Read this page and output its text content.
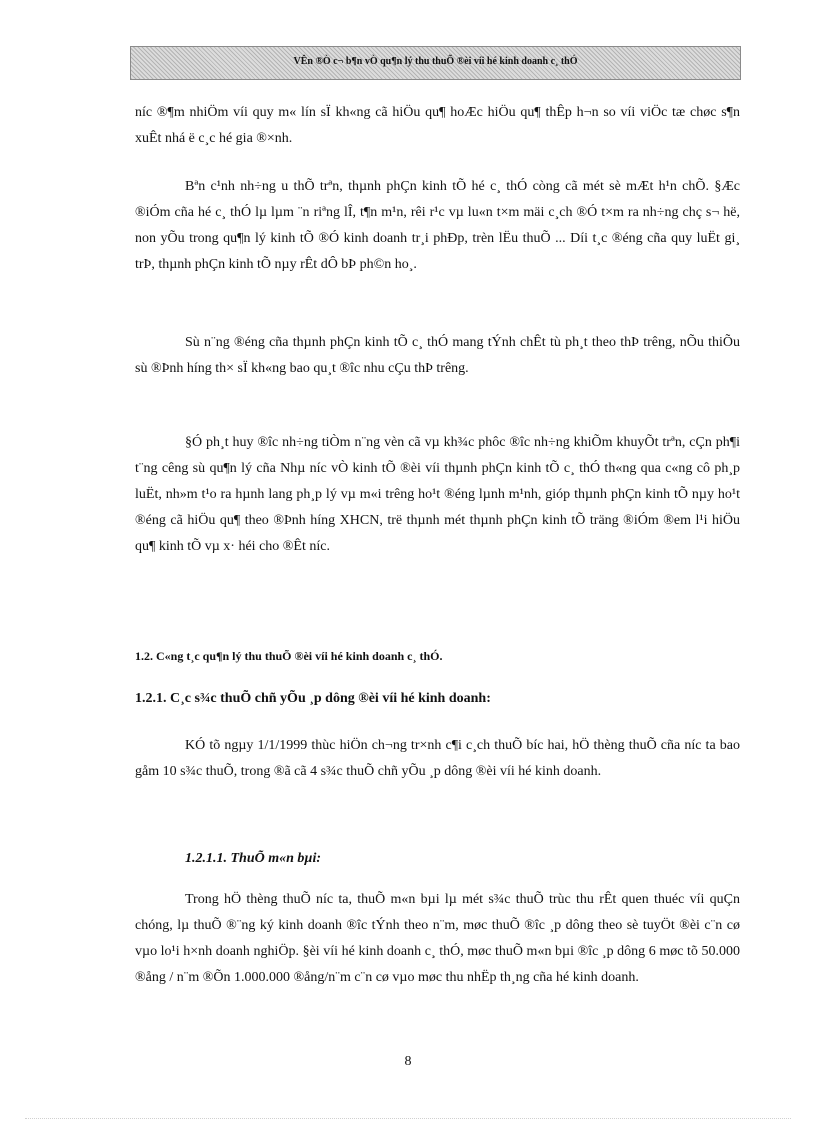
VÊn ®Ò c¬ b¶n vÒ qu¶n lý thu thuÕ ®èi víi hé kinh doanh c¸ thÓ

níc ®¶m nhiÖm víi quy m« lín sÏ kh«ng cã hiÖu qu¶ hoÆc hiÖu qu¶ thÊp h¬n so víi viÖc tæ chøc s¶n xuÊt nhá ë c¸c hé gia ®×nh.

Bªn c¹nh nh÷ng u thÕ trªn, thµnh phÇn kinh tÕ hé c¸ thÓ còng cã mét sè mÆt h¹n chÕ. §Æc ®iÓm cña hé c¸ thÓ lµ lµm ¨n riªng lÎ, t¶n m¹n, rêi r¹c vµ lu«n t×m mäi c¸ch ®Ó t×m ra nh÷ng chç s¬ hë, non yÕu trong qu¶n lý kinh tÕ ®Ó kinh doanh tr¸i phÐp, trèn lËu thuÕ ... Díi t¸c ®éng cña quy luËt gi¸ trÞ, thµnh phÇn kinh tÕ nµy rÊt dÔ bÞ ph©n ho¸.

Sù n¨ng ®éng cña thµnh phÇn kinh tÕ c¸ thÓ mang tÝnh chÊt tù ph¸t theo thÞ trêng, nÕu thiÕu sù ®Þnh híng th× sÏ kh«ng bao qu¸t ®îc nhu cÇu thÞ trêng.

§Ó ph¸t huy ®îc nh÷ng tiÒm n¨ng vèn cã vµ kh¾c phôc ®îc nh÷ng khiÕm khuyÕt trªn, cÇn ph¶i t¨ng cêng sù qu¶n lý cña Nhµ níc vÒ kinh tÕ ®èi víi thµnh phÇn kinh tÕ c¸ thÓ th«ng qua c«ng cô ph¸p luËt, nh»m t¹o ra hµnh lang ph¸p lý vµ m«i trêng ho¹t ®éng lµnh m¹nh, gióp thµnh phÇn kinh tÕ nµy ho¹t ®éng cã hiÖu qu¶ theo ®Þnh híng XHCN, trë thµnh mét thµnh phÇn kinh tÕ träng ®iÓm ®em l¹i hiÖu qu¶ kinh tÕ vµ x· héi cho ®Êt níc.

1.2. C«ng t¸c qu¶n lý thu thuÕ ®èi víi hé kinh doanh c¸ thÓ.
1.2.1. C¸c s¾c thuÕ chñ yÕu ¸p dông ®èi víi hé kinh doanh:

KÓ tõ ngµy 1/1/1999 thùc hiÖn ch¬ng tr×nh c¶i c¸ch thuÕ bíc hai, hÖ thèng thuÕ cña níc ta bao gåm 10 s¾c thuÕ, trong ®ã cã 4 s¾c thuÕ chñ yÕu ¸p dông ®èi víi hé kinh doanh.

1.2.1.1. ThuÕ m«n bµi:

Trong hÖ thèng thuÕ níc ta, thuÕ m«n bµi lµ mét s¾c thuÕ trùc thu rÊt quen thuéc víi quÇn chóng, lµ thuÕ ®¨ng ký kinh doanh ®îc tÝnh theo n¨m, møc thuÕ ®îc ¸p dông theo sè tuyÖt ®èi c¨n cø vµo lo¹i h×nh doanh nghiÖp. §èi víi hé kinh doanh c¸ thÓ, møc thuÕ m«n bµi ®îc ¸p dông 6 møc tõ 50.000 ®ång / n¨m ®Õn 1.000.000 ®ång/n¨m c¨n cø vµo møc thu nhËp th¸ng cña hé kinh doanh.

8
